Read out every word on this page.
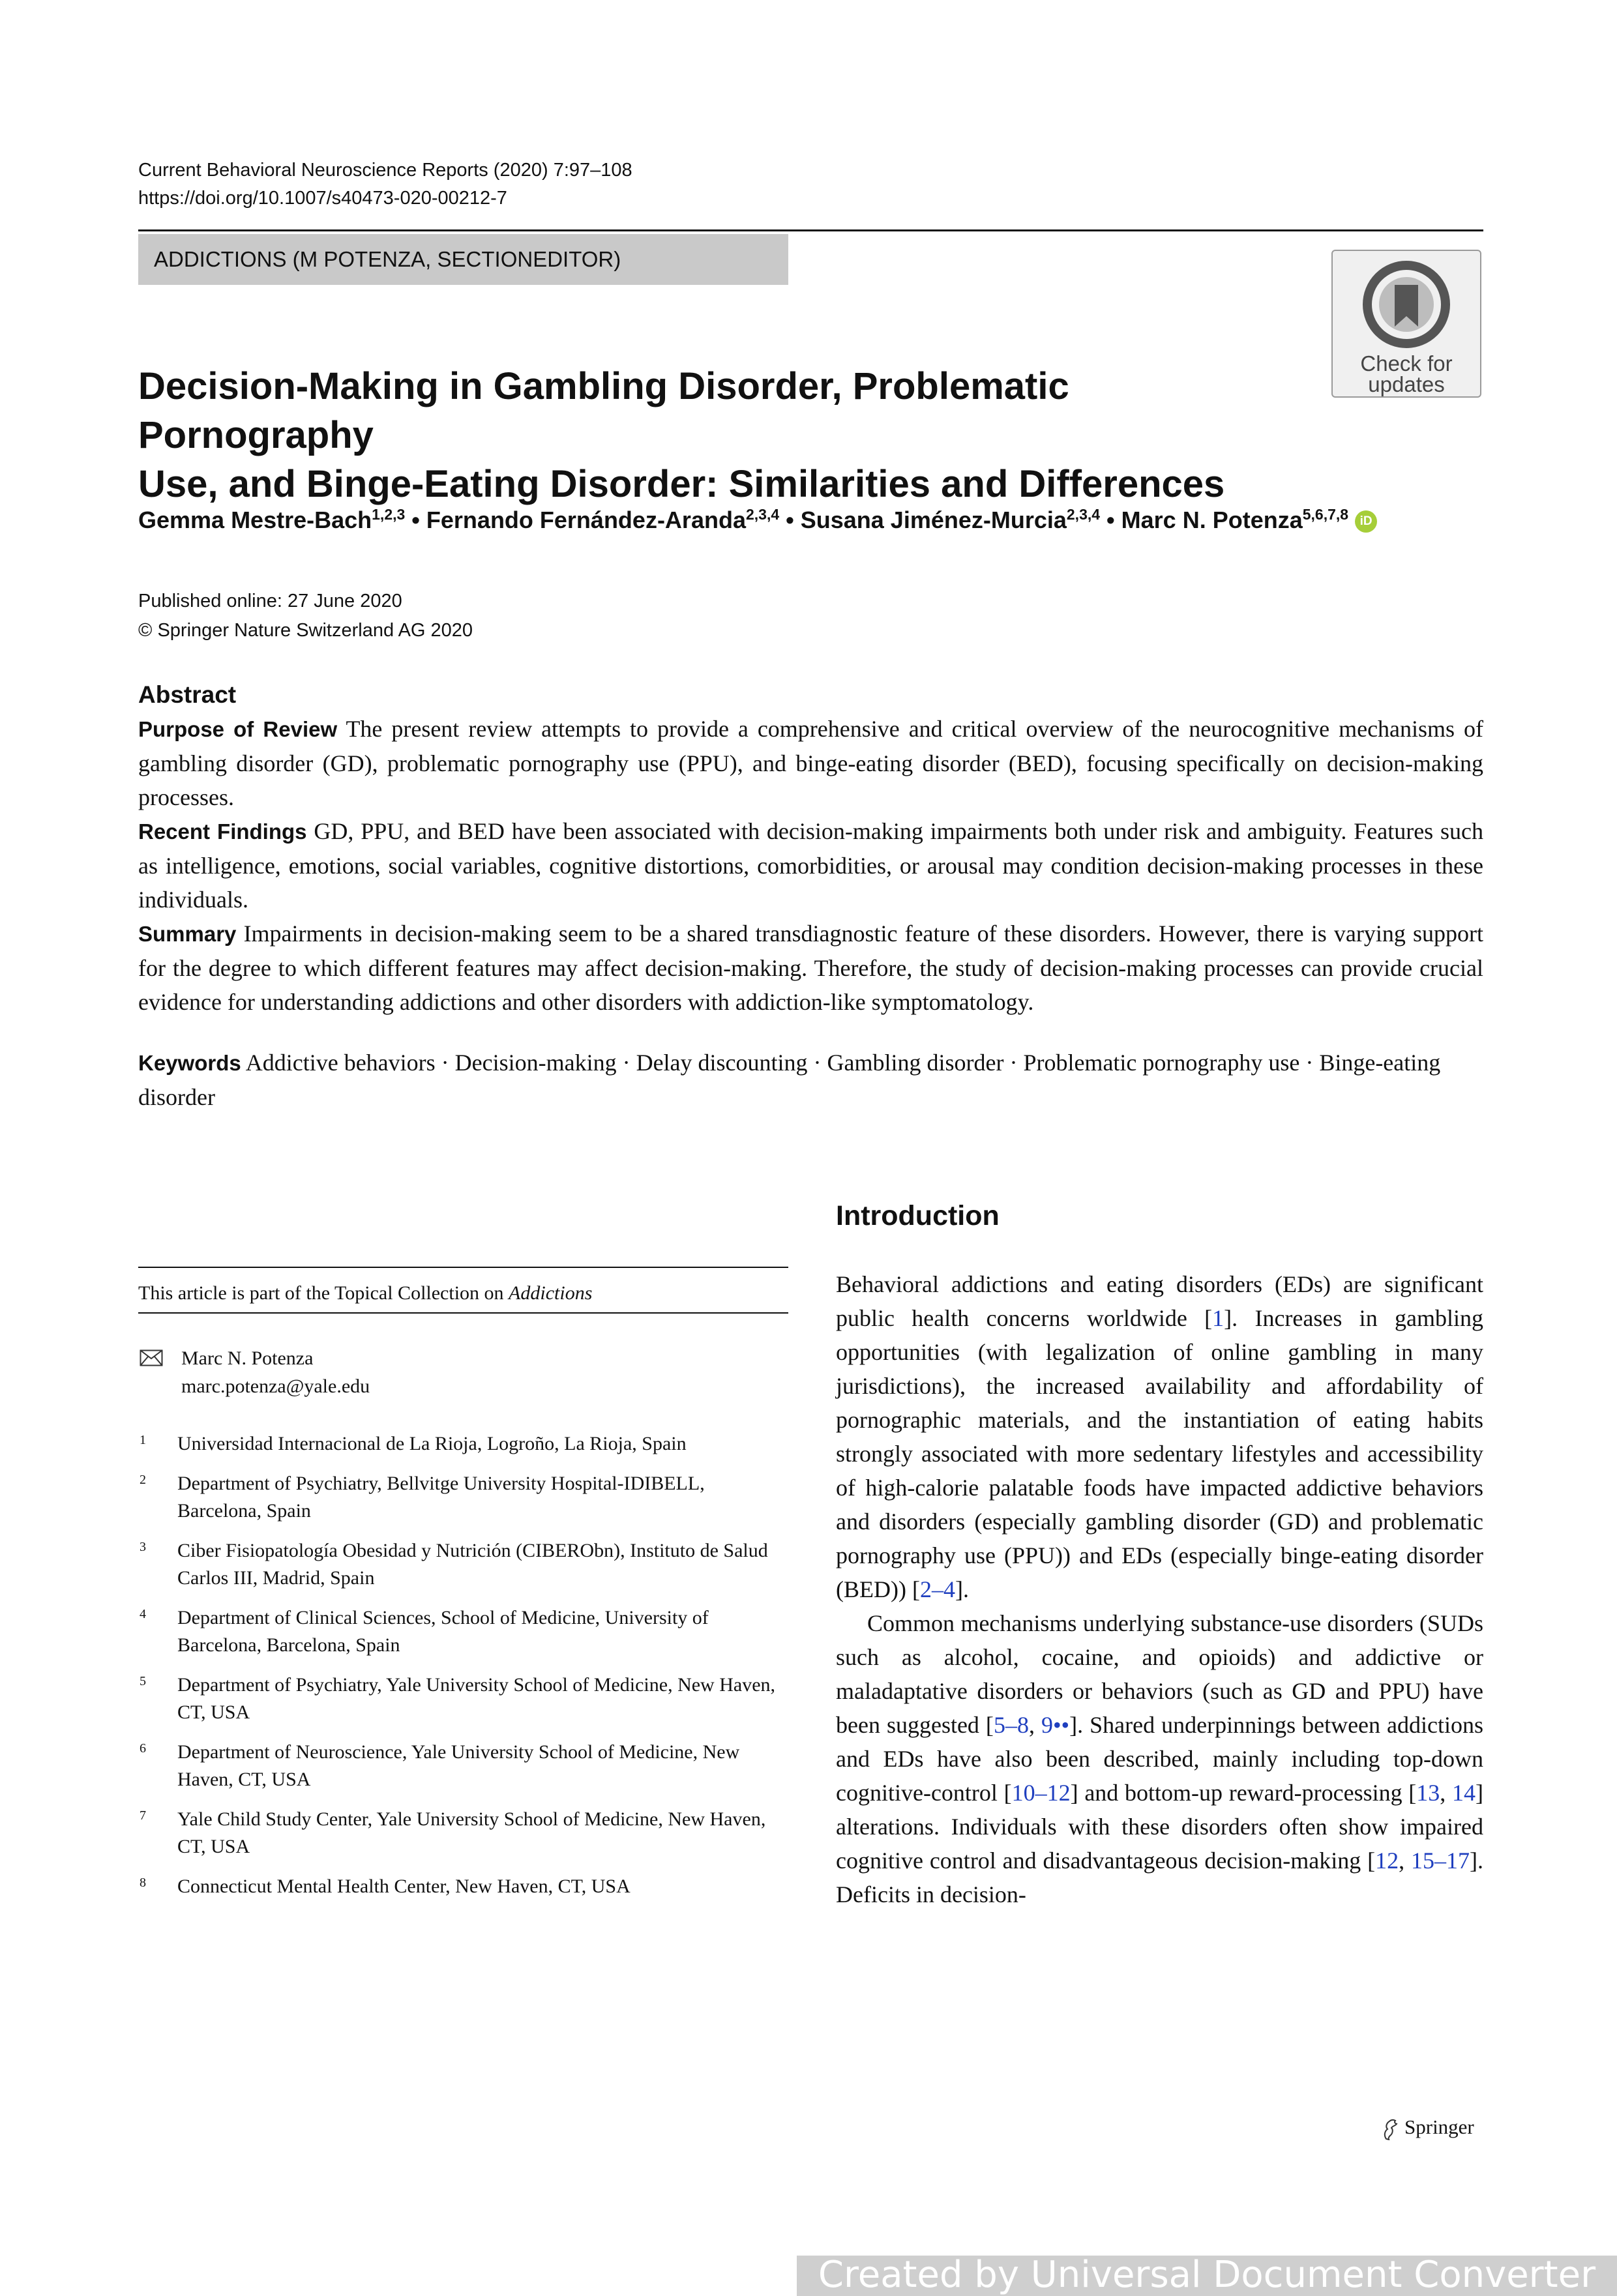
Current Behavioral Neuroscience Reports (2020) 7:97–108
https://doi.org/10.1007/s40473-020-00212-7
ADDICTIONS (M POTENZA, SECTIONEDITOR)
Check for
updates
Decision-Making in Gambling Disorder, Problematic Pornography
Use, and Binge-Eating Disorder: Similarities and Differences
Gemma Mestre-Bach$^{1,2,3}$ • Fernando Fernández-Aranda$^{2,3,4}$ • Susana Jiménez-Murcia$^{2,3,4}$ • Marc N. Potenza$^{5,6,7,8}$ iD
Published online: 27 June 2020
© Springer Nature Switzerland AG 2020
Abstract

Purpose of Review The present review attempts to provide a comprehensive and critical overview of the neurocognitive mechanisms of gambling disorder (GD), problematic pornography use (PPU), and binge-eating disorder (BED), focusing specifically on decision-making processes.

Recent Findings GD, PPU, and BED have been associated with decision-making impairments both under risk and ambiguity. Features such as intelligence, emotions, social variables, cognitive distortions, comorbidities, or arousal may condition decision-making processes in these individuals.

Summary Impairments in decision-making seem to be a shared transdiagnostic feature of these disorders. However, there is varying support for the degree to which different features may affect decision-making. Therefore, the study of decision-making processes can provide crucial evidence for understanding addictions and other disorders with addiction-like symptomatology.

Keywords Addictive behaviors · Decision-making · Delay discounting · Gambling disorder · Problematic pornography use · Binge-eating disorder
Introduction

Behavioral addictions and eating disorders (EDs) are significant public health concerns worldwide [1]. Increases in gambling opportunities (with legalization of online gambling in many jurisdictions), the increased availability and affordability of pornographic materials, and the instantiation of eating habits strongly associated with more sedentary lifestyles and accessibility of high-calorie palatable foods have impacted addictive behaviors and disorders (especially gambling disorder (GD) and problematic pornography use (PPU)) and EDs (especially binge-eating disorder (BED)) [2–4].

Common mechanisms underlying substance-use disorders (SUDs such as alcohol, cocaine, and opioids) and addictive or maladaptative disorders or behaviors (such as GD and PPU) have been suggested [5–8, 9••]. Shared underpinnings between addictions and EDs have also been described, mainly including top-down cognitive-control [10–12] and bottom-up reward-processing [13, 14] alterations. Individuals with these disorders often show impaired cognitive control and disadvantageous decision-making [12, 15–17]. Deficits in decision-

This article is part of the Topical Collection on Addictions
Marc N. Potenza
marc.potenza@yale.edu
1 Universidad Internacional de La Rioja, Logroño, La Rioja, Spain
2 Department of Psychiatry, Bellvitge University Hospital-IDIBELL, Barcelona, Spain
3 Ciber Fisiopatología Obesidad y Nutrición (CIBERObn), Instituto de Salud Carlos III, Madrid, Spain
4 Department of Clinical Sciences, School of Medicine, University of Barcelona, Barcelona, Spain
5 Department of Psychiatry, Yale University School of Medicine, New Haven, CT, USA
6 Department of Neuroscience, Yale University School of Medicine, New Haven, CT, USA
7 Yale Child Study Center, Yale University School of Medicine, New Haven, CT, USA
8 Connecticut Mental Health Center, New Haven, CT, USA
Springer
Created by Universal Document Converter
